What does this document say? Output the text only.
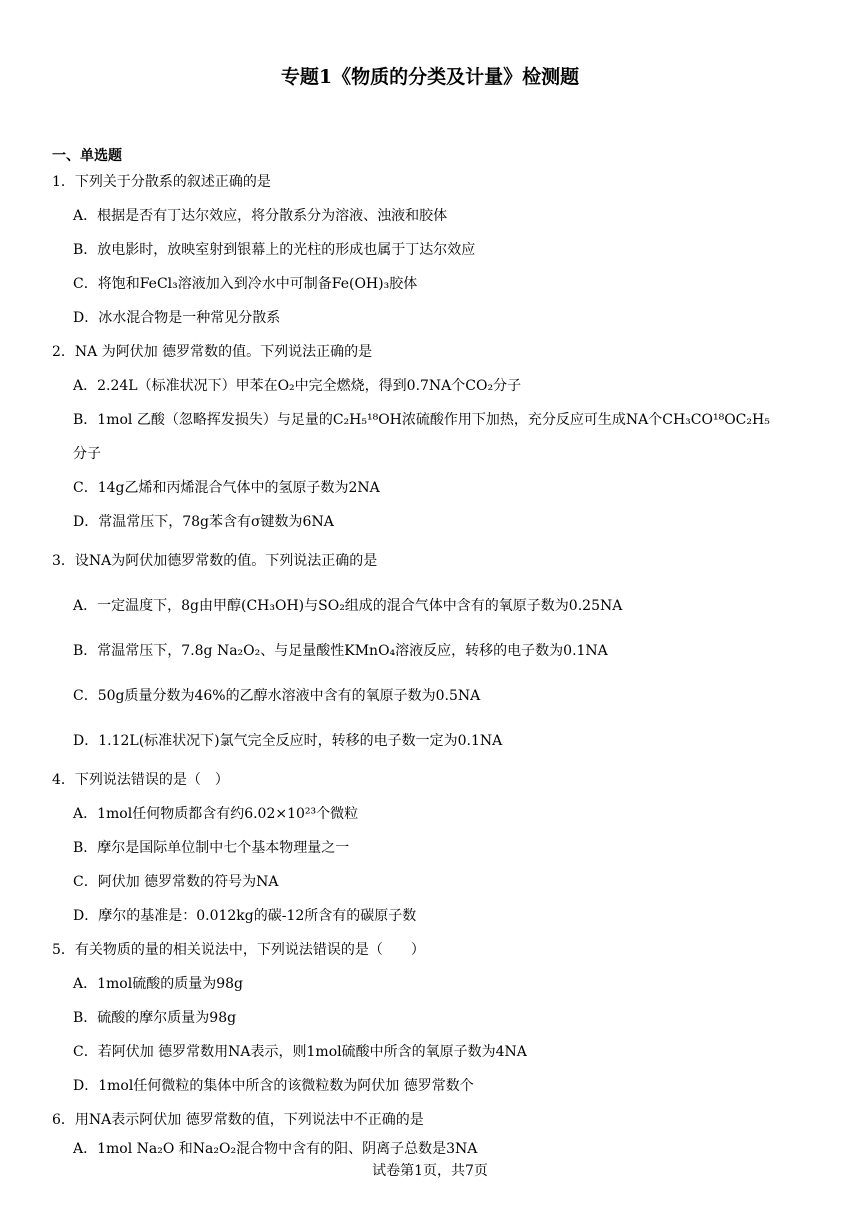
专题1《物质的分类及计量》检测题
一、单选题
1．下列关于分散系的叙述正确的是
A．根据是否有丁达尔效应，将分散系分为溶液、浊液和胶体
B．放电影时，放映室射到银幕上的光柱的形成也属于丁达尔效应
C．将饱和FeCl₃溶液加入到冷水中可制备Fe(OH)₃胶体
D．冰水混合物是一种常见分散系
2．NA 为阿伏加 德罗常数的值。下列说法正确的是
A．2.24L（标准状况下）甲苯在O₂中完全燃烧，得到0.7NA个CO₂分子
B．1mol 乙酸（忽略挥发损失）与足量的C₂H₅¹⁸OH浓硫酸作用下加热，充分反应可生成NA个CH₃CO¹⁸OC₂H₅
分子
C．14g乙烯和丙烯混合气体中的氢原子数为2NA
D．常温常压下，78g苯含有σ键数为6NA
3．设NA为阿伏加德罗常数的值。下列说法正确的是
A．一定温度下，8g由甲醇(CH₃OH)与SO₂组成的混合气体中含有的氧原子数为0.25NA
B．常温常压下，7.8g Na₂O₂、与足量酸性KMnO₄溶液反应，转移的电子数为0.1NA
C．50g质量分数为46%的乙醇水溶液中含有的氧原子数为0.5NA
D．1.12L(标准状况下)氯气完全反应时，转移的电子数一定为0.1NA
4．下列说法错误的是（　）
A．1mol任何物质都含有约6.02×10²³个微粒
B．摩尔是国际单位制中七个基本物理量之一
C．阿伏加 德罗常数的符号为NA
D．摩尔的基准是：0.012kg的碳-12所含有的碳原子数
5．有关物质的量的相关说法中，下列说法错误的是（　　）
A．1mol硫酸的质量为98g
B．硫酸的摩尔质量为98g
C．若阿伏加 德罗常数用NA表示，则1mol硫酸中所含的氧原子数为4NA
D．1mol任何微粒的集体中所含的该微粒数为阿伏加 德罗常数个
6．用NA表示阿伏加 德罗常数的值，下列说法中不正确的是
A．1mol Na₂O 和Na₂O₂混合物中含有的阳、阴离子总数是3NA
试卷第1页，共7页
